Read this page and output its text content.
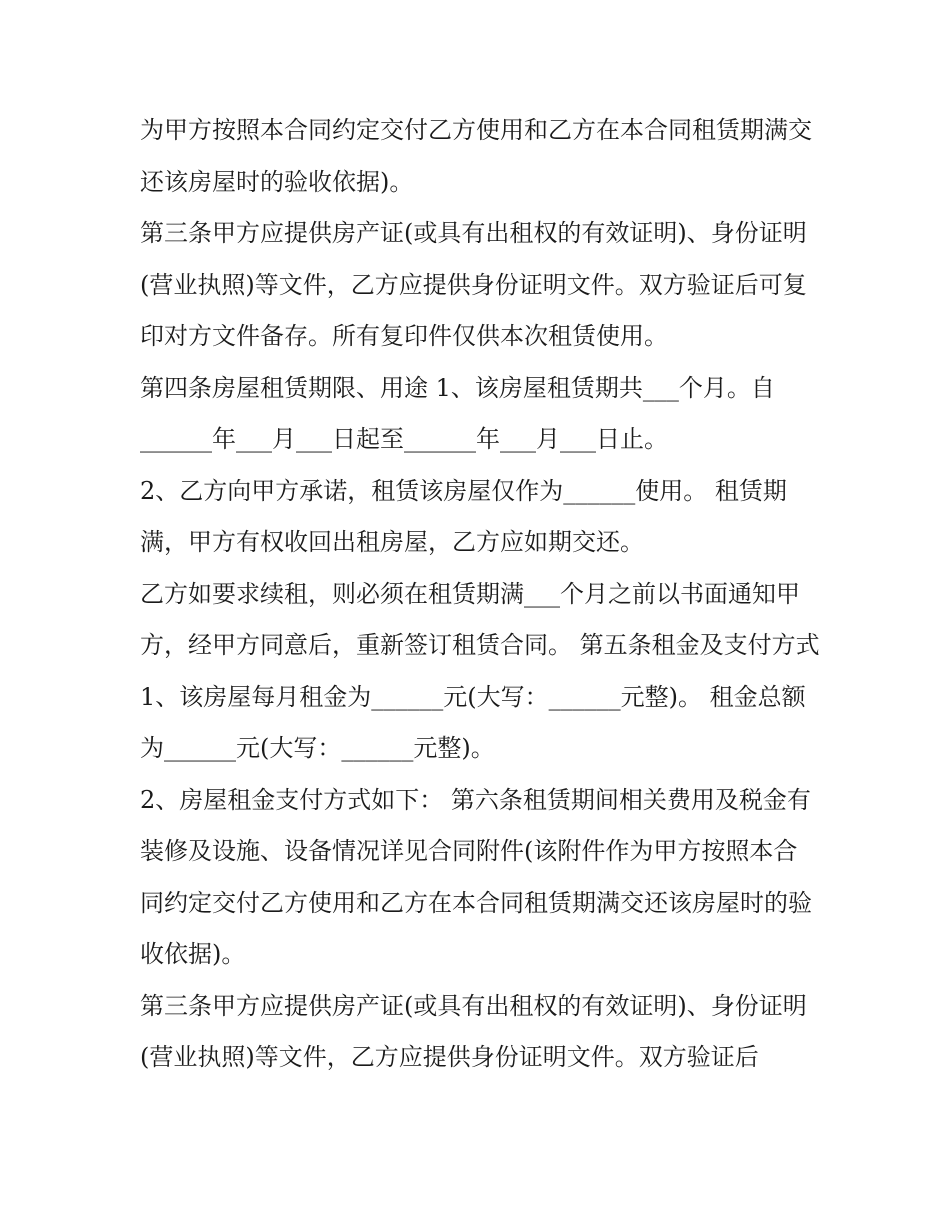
为甲方按照本合同约定交付乙方使用和乙方在本合同租赁期满交还该房屋时的验收依据)。

第三条甲方应提供房产证(或具有出租权的有效证明)、身份证明(营业执照)等文件，乙方应提供身份证明文件。双方验证后可复印对方文件备存。所有复印件仅供本次租赁使用。

第四条房屋租赁期限、用途 1、该房屋租赁期共___个月。自______年___月___日起至______年___月___日止。

2、乙方向甲方承诺，租赁该房屋仅作为______使用。 租赁期满，甲方有权收回出租房屋，乙方应如期交还。

乙方如要求续租，则必须在租赁期满___个月之前以书面通知甲方，经甲方同意后，重新签订租赁合同。 第五条租金及支付方式

1、该房屋每月租金为______元(大写：______元整)。 租金总额为______元(大写：______元整)。

2、房屋租金支付方式如下： 第六条租赁期间相关费用及税金有装修及设施、设备情况详见合同附件(该附件作为甲方按照本合同约定交付乙方使用和乙方在本合同租赁期满交还该房屋时的验收依据)。

第三条甲方应提供房产证(或具有出租权的有效证明)、身份证明(营业执照)等文件，乙方应提供身份证明文件。双方验证后
